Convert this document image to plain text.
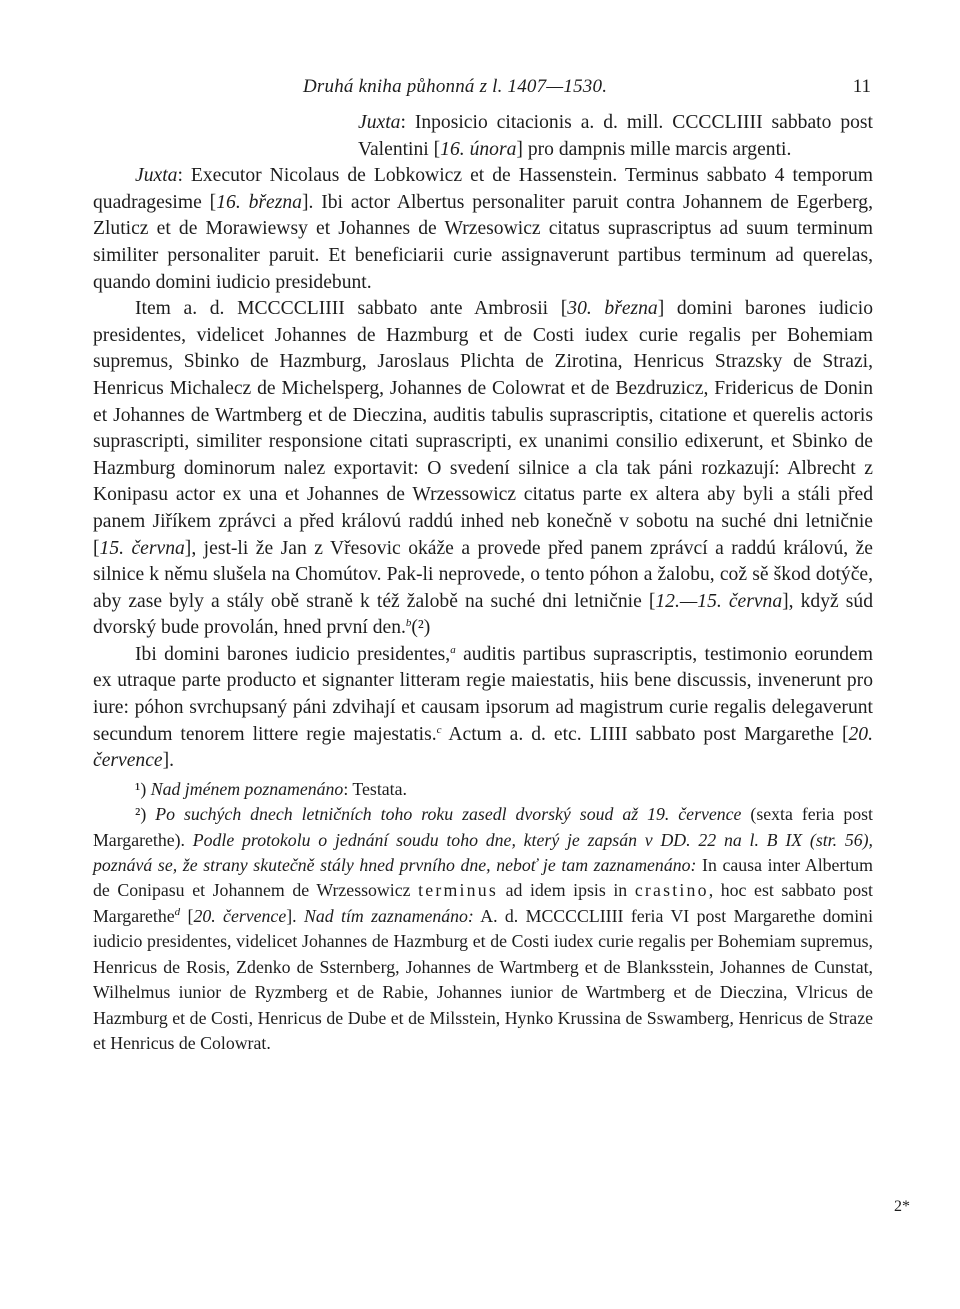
Druhá kniha půhonná z l. 1407—1530.	11

Juxta: Inposicio citacionis a. d. mill. CCCCLIIII sabbato post Valentini [16. února] pro dampnis mille marcis argenti.

Juxta: Executor Nicolaus de Lobkowicz et de Hassenstein. Terminus sabbato 4 temporum quadragesime [16. března]. Ibi actor Albertus personaliter paruit contra Johannem de Egerberg, Zluticz et de Morawiewsy et Johannes de Wrzesowicz citatus suprascriptus ad suum terminum similiter personaliter paruit. Et beneficiarii curie assignaverunt partibus terminum ad querelas, quando domini iudicio presidebunt.

Item a. d. MCCCCLIIII sabbato ante Ambrosii [30. března] domini barones iudicio presidentes, videlicet Johannes de Hazmburg et de Costi iudex curie regalis per Bohemiam supremus, Sbinko de Hazmburg, Jaroslaus Plichta de Zirotina, Henricus Strazsky de Strazi, Henricus Michalecz de Michelsperg, Johannes de Colowrat et de Bezdruzicz, Fridericus de Donin et Johannes de Wartmberg et de Dieczina, auditis tabulis suprascriptis, citatione et querelis actoris suprascripti, similiter responsione citati suprascripti, ex unanimi consilio edixerunt, et Sbinko de Hazmburg dominorum nalez exportavit: O svedení silnice a cla tak páni rozkazují: Albrecht z Konipasu actor ex una et Johannes de Wrzessowicz citatus parte ex altera aby byli a stáli před panem Jiříkem zprávci a před královú raddú inhed neb konečně v sobotu na suché dni letničnie [15. června], jest-li že Jan z Vřesovic okáže a provede před panem zprávcí a raddú královú, že silnice k němu slušela na Chomútov. Pak-li neprovede, o tento póhon a žalobu, což sě škod dotýče, aby zase byly a stály obě straně k též žalobě na suché dni letničnie [12.—15. června], když súd dvorský bude provolán, hned první den.$^b$(²)

Ibi domini barones iudicio presidentes,$^a$ auditis partibus suprascriptis, testimonio eorundem ex utraque parte producto et signanter litteram regie maiestatis, hiis bene discussis, invenerunt pro iure: póhon svrchupsaný páni zdvihají et causam ipsorum ad magistrum curie regalis delegaverunt secundum tenorem littere regie majestatis.$^c$ Actum a. d. etc. LIIII sabbato post Margarethe [20. července].

¹) Nad jménem poznamenáno: Testata.

²) Po suchých dnech letničních toho roku zasedl dvorský soud až 19. července (sexta feria post Margarethe). Podle protokolu o jednání soudu toho dne, který je zapsán v DD. 22 na l. B IX (str. 56), poznává se, že strany skutečně stály hned prvního dne, neboť je tam zaznamenáno: In causa inter Albertum de Conipasu et Johannem de Wrzessowicz terminus ad idem ipsis in crastino, hoc est sabbato post Margarethe$^d$ [20. července]. Nad tím zaznamenáno: A. d. MCCCCLIIII feria VI post Margarethe domini iudicio presidentes, videlicet Johannes de Hazmburg et de Costi iudex curie regalis per Bohemiam supremus, Henricus de Rosis, Zdenko de Ssternberg, Johannes de Wartmberg et de Blanksstein, Johannes de Cunstat, Wilhelmus iunior de Ryzmberg et de Rabie, Johannes iunior de Wartmberg et de Dieczina, Vlricus de Hazmburg et de Costi, Henricus de Dube et de Milsstein, Hynko Krussina de Sswamberg, Henricus de Straze et Henricus de Colowrat.

2*
